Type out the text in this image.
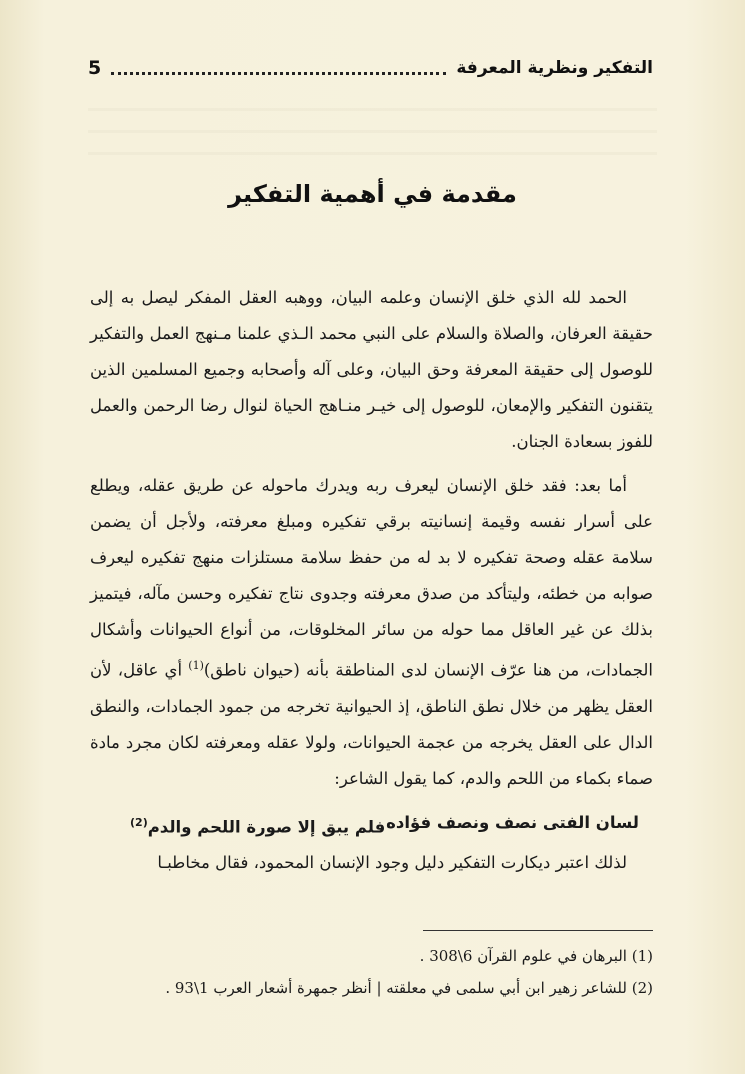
التفكير ونظرية المعرفة
5
مقدمة في أهمية التفكير

الحمد لله الذي خلق الإنسان وعلمه البيان، ووهبه العقل المفكر ليصل به إلى حقيقة العرفان، والصلاة والسلام على النبي محمد الـذي علمنا مـنهج العمل والتفكير للوصول إلى حقيقة المعرفة وحق البيان، وعلى آله وأصحابه وجميع المسلمين الذين يتقنون التفكير والإمعان، للوصول إلى خيـر منـاهج الحياة لنوال رضا الرحمن والعمل للفوز بسعادة الجنان.

أما بعد: فقد خلق الإنسان ليعرف ربه ويدرك ماحوله عن طريق عقله، ويطلع على أسرار نفسه وقيمة إنسانيته برقي تفكيره ومبلغ معرفته، ولأجل أن يضمن سلامة عقله وصحة تفكيره لا بد له من حفظ سلامة مستلزات منهج تفكيره ليعرف صوابه من خطئه، وليتأكد من صدق معرفته وجدوى نتاج تفكيره وحسن مآله، فيتميز بذلك عن غير العاقل مما حوله من سائر المخلوقات، من أنواع الحيوانات وأشكال الجمادات، من هنا عرّف الإنسان لدى المناطقة بأنه (حيوان ناطق)$^{(1)}$ أي عاقل، لأن العقل يظهر من خلال نطق الناطق، إذ الحيوانية تخرجه من جمود الجمادات، والنطق الدال على العقل يخرجه من عجمة الحيوانات، ولولا عقله ومعرفته لكان مجرد مادة صماء بكماء من اللحم والدم، كما يقول الشاعر:

لسان الفتى نصف ونصف فؤاده
فلم يبق إلا صورة اللحم والدم$^{(2)}$

لذلك اعتبر ديكارت التفكير دليل وجود الإنسان المحمود، فقال مخاطبـا

(1) البرهان في علوم القرآن 6\308 .
(2) للشاعر زهير ابن أبي سلمى في معلقته | أنظر جمهرة أشعار العرب 1\93 .
